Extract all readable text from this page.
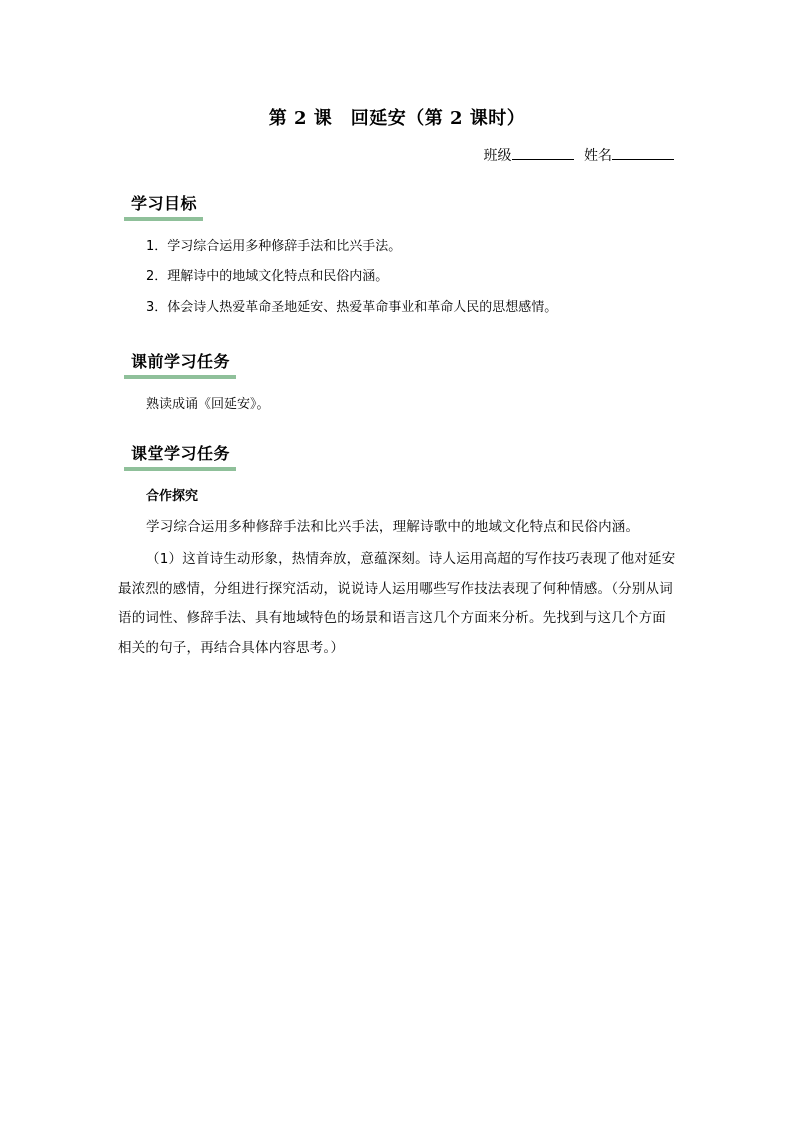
第 2 课　回延安（第 2 课时）
班级	姓名
学习目标
1．学习综合运用多种修辞手法和比兴手法。
2．理解诗中的地域文化特点和民俗内涵。
3．体会诗人热爱革命圣地延安、热爱革命事业和革命人民的思想感情。
课前学习任务
熟读成诵《回延安》。
课堂学习任务
合作探究
学习综合运用多种修辞手法和比兴手法，理解诗歌中的地域文化特点和民俗内涵。
（1）这首诗生动形象，热情奔放，意蕴深刻。诗人运用高超的写作技巧表现了他对延安最浓烈的感情，分组进行探究活动，说说诗人运用哪些写作技法表现了何种情感。（分别从词语的词性、修辞手法、具有地域特色的场景和语言这几个方面来分析。先找到与这几个方面相关的句子，再结合具体内容思考。）
